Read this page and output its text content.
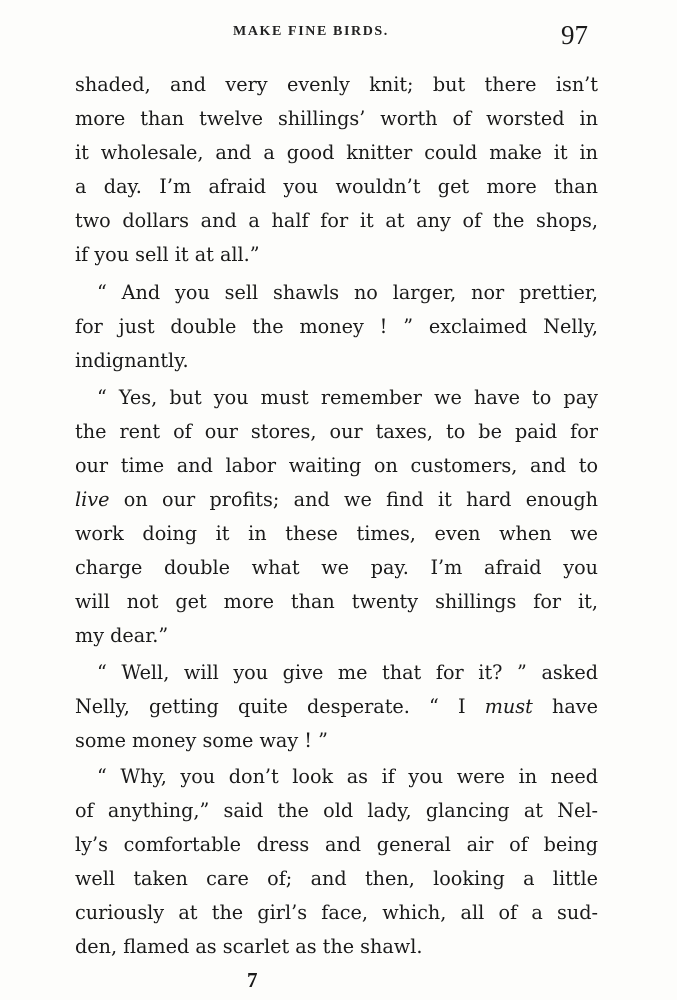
MAKE FINE BIRDS.	97
shaded, and very evenly knit; but there isn’t
more than twelve shillings’ worth of worsted in
it wholesale, and a good knitter could make it in
a day. I’m afraid you wouldn’t get more than
two dollars and a half for it at any of the shops,
if you sell it at all.”
“ And you sell shawls no larger, nor prettier,
for just double the money ! ” exclaimed Nelly,
indignantly.
“ Yes, but you must remember we have to pay
the rent of our stores, our taxes, to be paid for
our time and labor waiting on customers, and to
live on our profits; and we find it hard enough
work doing it in these times, even when we
charge double what we pay. I’m afraid you
will not get more than twenty shillings for it,
my dear.”
“ Well, will you give me that for it? ” asked
Nelly, getting quite desperate. “ I must have
some money some way ! ”
“ Why, you don’t look as if you were in need
of anything,” said the old lady, glancing at Nel-
ly’s comfortable dress and general air of being
well taken care of; and then, looking a little
curiously at the girl’s face, which, all of a sud-
den, flamed as scarlet as the shawl.
7
